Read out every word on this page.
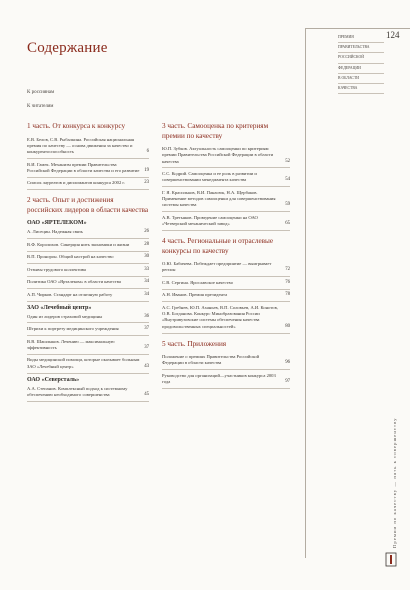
Содержание
К россиянам
К читателям
1 часть. От конкурса к конкурсу
Е.В. Белов, С.В. Рыбалкина. Российская национальная премия по качеству — основа движения за качество и конкурентоспособность	6
В.И. Гамек. Механизм премии Правительства Российской Федерации в области качества и его развитие 19
Список лауреатов и дипломантов конкурса 2002 г.	23
2 часть. Опыт и достижения российских лидеров в области качества
ОАО «ЯРТЕЛЕКОМ»
А. Лисецин. Надежная связь	26
В.Ф. Королихов. Синерция нить экономики и жизни	28
В.П. Пронорон. Общий настрой на качество	30
Отзывы трудового коллектива	33
Политика ОАО «Ярталеком» в области качества	34
А.П. Чирков. Стандарт на отличную работу	34
ЗАО «Лечебный центр»
Один из лидеров страховой медицины	36
Штрихи к портрету медицинского учреждения	37
В.В. Шашлыков. Лечению — максимальную эффективность	37
Виды медицинской помощи, которые оказывает больным ЗАО «Лечебный центр»	43
ОАО «Северсталь»
А.А. Степанов. Комплексный подход к системному обеспечению необходимого совершенства	45
3 часть. Самооценка по критериям премии по качеству
Ю.П. Зубков. Актуальность самооценки по критериям премии Правительства Российской Федерации в области качества	52
С.С. Кодрий. Самооценка и ее роль в развитии и совершенствовании менеджмента качества	54
Г. Я. Красильков, В.И. Панасюк, Н.А. Щербаков. Применение методов самооценки для совершенствования системы качества	59
А.В. Третьяков. Проведение самооценки на ОАО «Четверский механический завод»	65
4 часть. Региональные и отраслевые конкурсы по качеству
О.Ю. Бабичева. Побеждает предприятие — выигрывает регион	72
С.В. Сергина. Ярославское качество	76
А.Н. Иванов. Премия президента	78
А.С. Гребнев, Ю.П. Аханьев, В.П. Соловьев, А.И. Конотов, О.В. Богданова. Конкурс Минобразования России «Внутривузовские системы обеспечения качества продовольственных специальностей»	80
5 часть. Приложения
Положение о премиях Правительства Российской Федерации в области качества	96
Руководство для организаций—участников конкурса 2003 года	97
ПРЕМИЯ
ПРАВИТЕЛЬСТВА
РОССИЙСКОЙ
ФЕДЕРАЦИИ
В ОБЛАСТИ
КАЧЕСТВА
124
Премии по качеству — пять к совершенству
